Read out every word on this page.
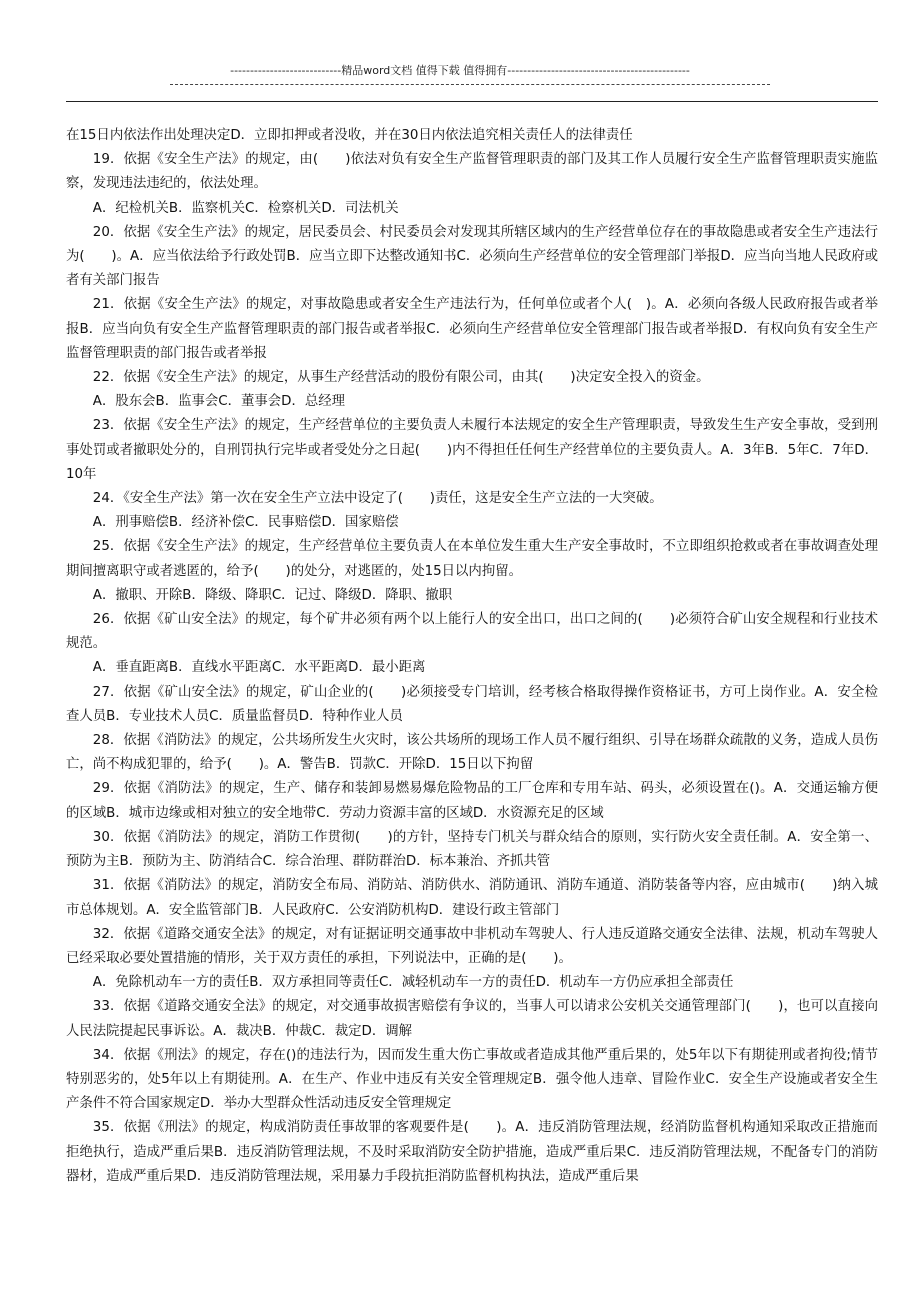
----------------------------精品word文档 值得下载 值得拥有----------------------------------------------

在15日内依法作出处理决定D．立即扣押或者没收，并在30日内依法追究相关责任人的法律责任

19．依据《安全生产法》的规定，由(　　)依法对负有安全生产监督管理职责的部门及其工作人员履行安全生产监督管理职责实施监察，发现违法违纪的，依法处理。

A．纪检机关B．监察机关C．检察机关D．司法机关

20．依据《安全生产法》的规定，居民委员会、村民委员会对发现其所辖区域内的生产经营单位存在的事故隐患或者安全生产违法行为(　　)。A．应当依法给予行政处罚B．应当立即下达整改通知书C．必须向生产经营单位的安全管理部门举报D．应当向当地人民政府或者有关部门报告

21．依据《安全生产法》的规定，对事故隐患或者安全生产违法行为，任何单位或者个人(　)。A．必须向各级人民政府报告或者举报B．应当向负有安全生产监督管理职责的部门报告或者举报C．必须向生产经营单位安全管理部门报告或者举报D．有权向负有安全生产监督管理职责的部门报告或者举报

22．依据《安全生产法》的规定，从事生产经营活动的股份有限公司，由其(　　)决定安全投入的资金。

A．股东会B．监事会C．董事会D．总经理

23．依据《安全生产法》的规定，生产经营单位的主要负责人未履行本法规定的安全生产管理职责，导致发生生产安全事故，受到刑事处罚或者撤职处分的，自刑罚执行完毕或者受处分之日起(　　)内不得担任任何生产经营单位的主要负责人。A．3年B．5年C．7年D．10年

24．《安全生产法》第一次在安全生产立法中设定了(　　)责任，这是安全生产立法的一大突破。

A．刑事赔偿B．经济补偿C．民事赔偿D．国家赔偿

25．依据《安全生产法》的规定，生产经营单位主要负责人在本单位发生重大生产安全事故时，不立即组织抢救或者在事故调查处理期间擅离职守或者逃匿的，给予(　　)的处分，对逃匿的，处15日以内拘留。

A．撤职、开除B．降级、降职C．记过、降级D．降职、撤职

26．依据《矿山安全法》的规定，每个矿井必须有两个以上能行人的安全出口，出口之间的(　　)必须符合矿山安全规程和行业技术规范。

A．垂直距离B．直线水平距离C．水平距离D．最小距离

27．依据《矿山安全法》的规定，矿山企业的(　　)必须接受专门培训，经考核合格取得操作资格证书，方可上岗作业。A．安全检查人员B．专业技术人员C．质量监督员D．特种作业人员

28．依据《消防法》的规定，公共场所发生火灾时，该公共场所的现场工作人员不履行组织、引导在场群众疏散的义务，造成人员伤亡，尚不构成犯罪的，给予(　　)。A．警告B．罚款C．开除D．15日以下拘留

29．依据《消防法》的规定，生产、储存和装卸易燃易爆危险物品的工厂仓库和专用车站、码头，必须设置在()。A．交通运输方便的区域B．城市边缘或相对独立的安全地带C．劳动力资源丰富的区域D．水资源充足的区域

30．依据《消防法》的规定，消防工作贯彻(　　)的方针，坚持专门机关与群众结合的原则，实行防火安全责任制。A．安全第一、预防为主B．预防为主、防消结合C．综合治理、群防群治D．标本兼治、齐抓共管

31．依据《消防法》的规定，消防安全布局、消防站、消防供水、消防通讯、消防车通道、消防装备等内容，应由城市(　　)纳入城市总体规划。A．安全监管部门B．人民政府C．公安消防机构D．建设行政主管部门

32．依据《道路交通安全法》的规定，对有证据证明交通事故中非机动车驾驶人、行人违反道路交通安全法律、法规，机动车驾驶人已经采取必要处置措施的情形，关于双方责任的承担，下列说法中，正确的是(　　)。

A．免除机动车一方的责任B．双方承担同等责任C．减轻机动车一方的责任D．机动车一方仍应承担全部责任

33．依据《道路交通安全法》的规定，对交通事故损害赔偿有争议的，当事人可以请求公安机关交通管理部门(　　)，也可以直接向人民法院提起民事诉讼。A．裁决B．仲裁C．裁定D．调解

34．依据《刑法》的规定，存在()的违法行为，因而发生重大伤亡事故或者造成其他严重后果的，处5年以下有期徒刑或者拘役;情节特别恶劣的，处5年以上有期徒刑。A．在生产、作业中违反有关安全管理规定B．强令他人违章、冒险作业C．安全生产设施或者安全生产条件不符合国家规定D．举办大型群众性活动违反安全管理规定

35．依据《刑法》的规定，构成消防责任事故罪的客观要件是(　　)。A．违反消防管理法规，经消防监督机构通知采取改正措施而拒绝执行，造成严重后果B．违反消防管理法规，不及时采取消防安全防护措施，造成严重后果C．违反消防管理法规，不配备专门的消防器材，造成严重后果D．违反消防管理法规，采用暴力手段抗拒消防监督机构执法，造成严重后果
